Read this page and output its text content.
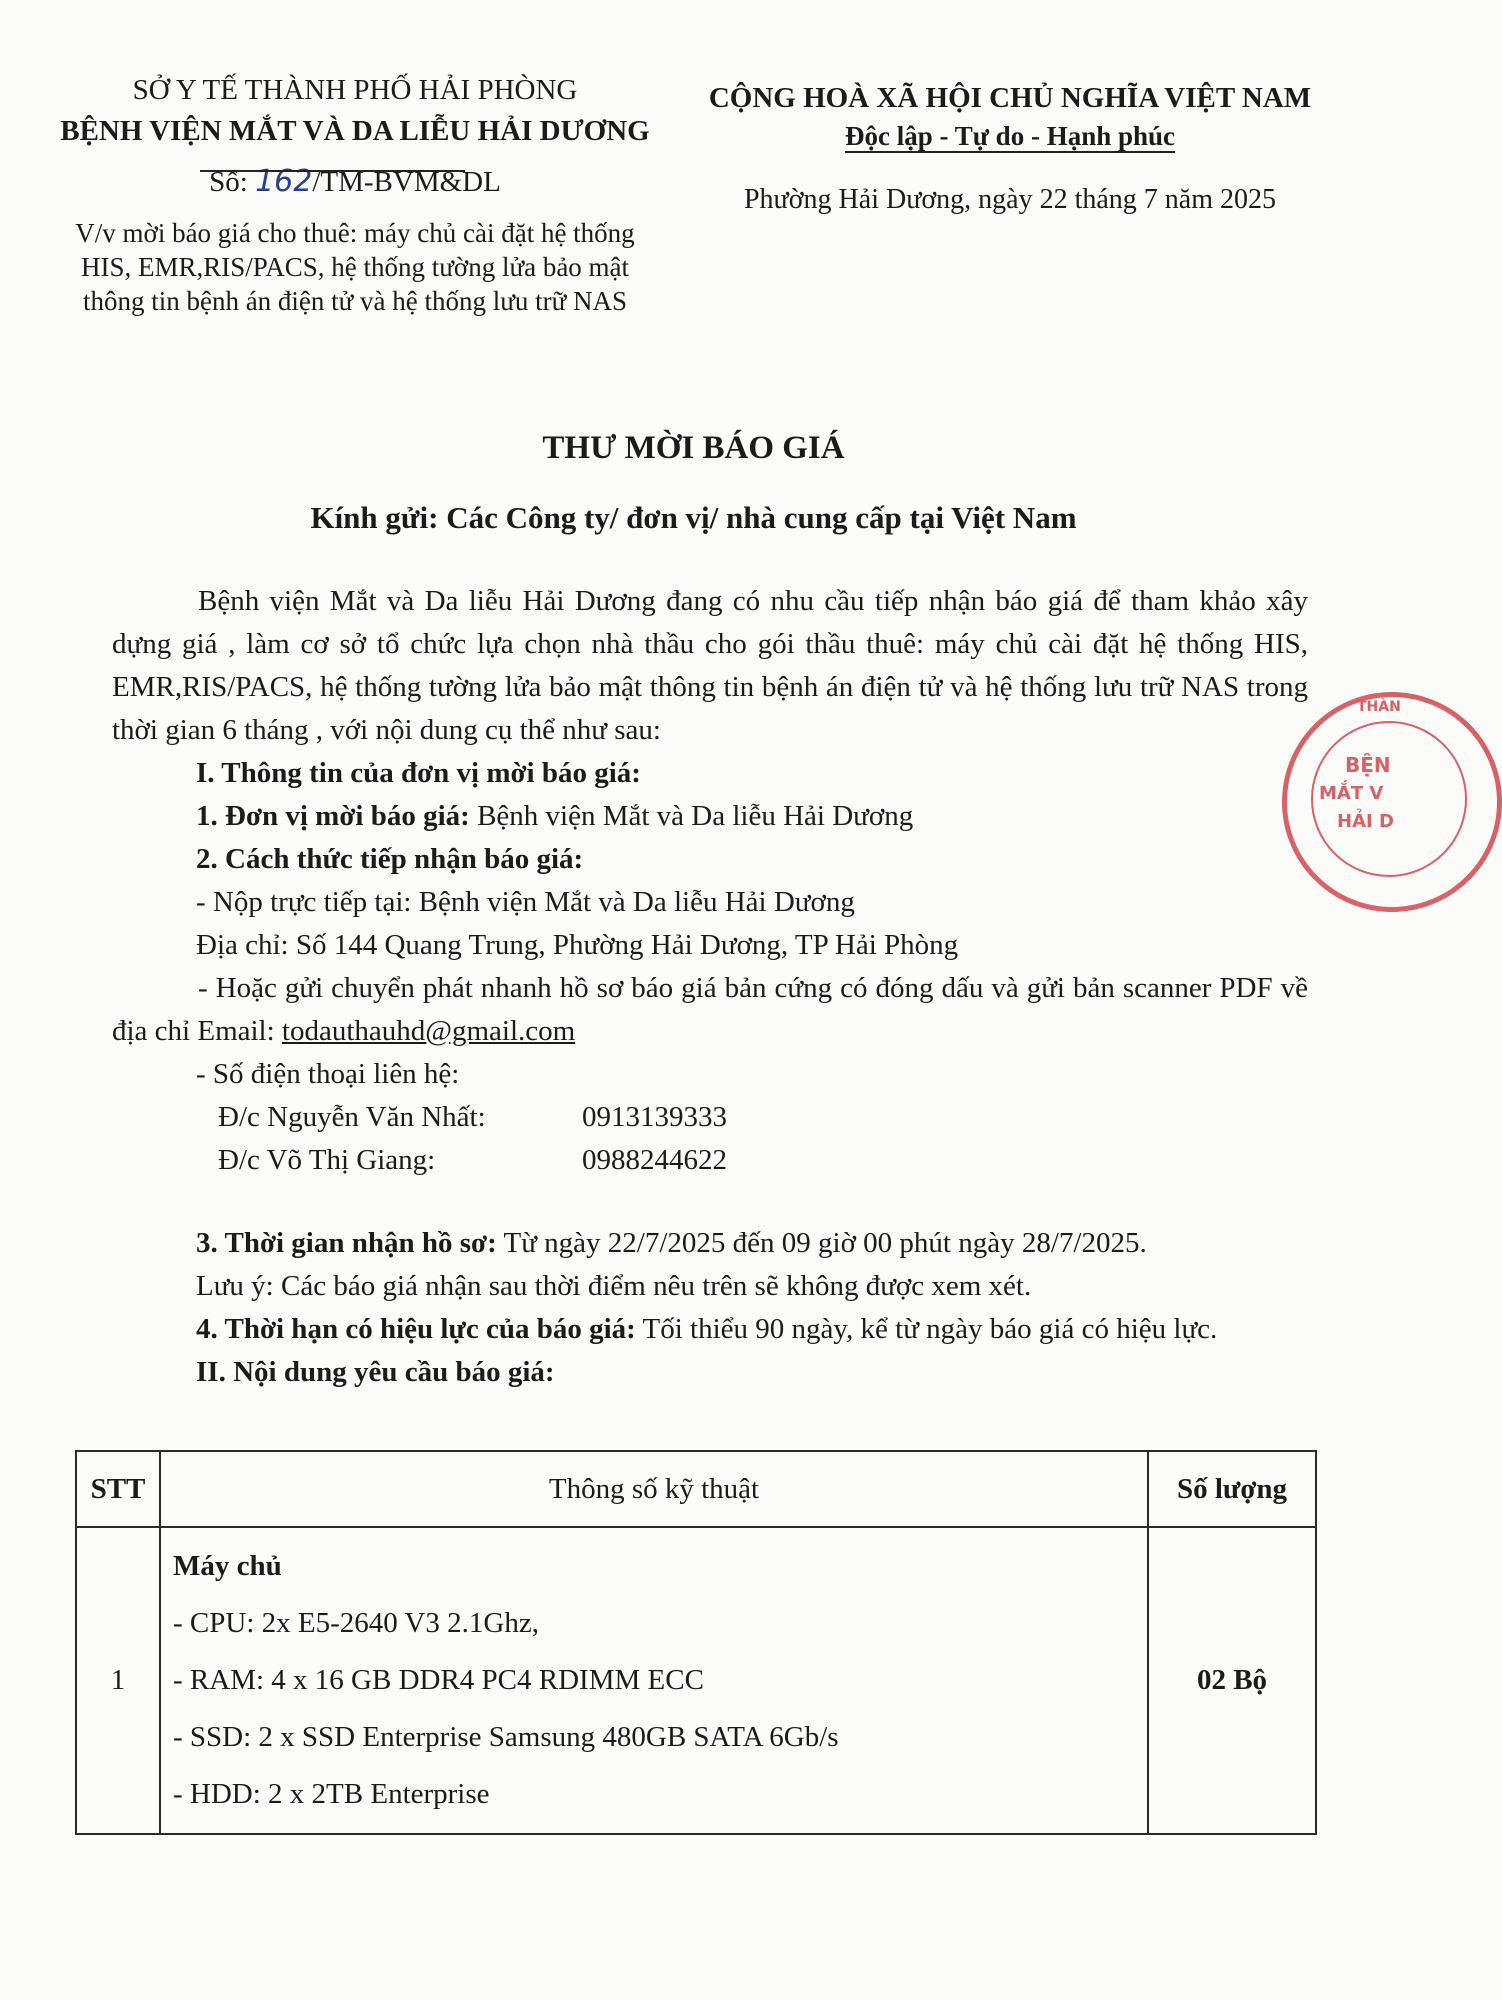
SỞ Y TẾ THÀNH PHỐ HẢI PHÒNG
BỆNH VIỆN MẮT VÀ DA LIỄU HẢI DƯƠNG
Số: 162/TM-BVM&DL
V/v mời báo giá cho thuê: máy chủ cài đặt hệ thống HIS, EMR,RIS/PACS, hệ thống tường lửa bảo mật thông tin bệnh án điện tử và hệ thống lưu trữ NAS
CỘNG HOÀ XÃ HỘI CHỦ NGHĨA VIỆT NAM
Độc lập - Tự do - Hạnh phúc
Phường Hải Dương, ngày 22 tháng 7 năm 2025
THƯ MỜI BÁO GIÁ
Kính gửi: Các Công ty/ đơn vị/ nhà cung cấp tại Việt Nam

Bệnh viện Mắt và Da liễu Hải Dương đang có nhu cầu tiếp nhận báo giá để tham khảo xây dựng giá , làm cơ sở tổ chức lựa chọn nhà thầu cho gói thầu thuê: máy chủ cài đặt hệ thống HIS, EMR,RIS/PACS, hệ thống tường lửa bảo mật thông tin bệnh án điện tử và hệ thống lưu trữ NAS trong thời gian 6 tháng , với nội dung cụ thể như sau:

I. Thông tin của đơn vị mời báo giá:

1. Đơn vị mời báo giá: Bệnh viện Mắt và Da liễu Hải Dương

2. Cách thức tiếp nhận báo giá:

- Nộp trực tiếp tại: Bệnh viện Mắt và Da liễu Hải Dương

Địa chỉ: Số 144 Quang Trung, Phường Hải Dương, TP Hải Phòng

- Hoặc gửi chuyển phát nhanh hồ sơ báo giá bản cứng có đóng dấu và gửi bản scanner PDF về địa chỉ Email: todauthauhd@gmail.com

- Số điện thoại liên hệ:

Đ/c Nguyễn Văn Nhất:	0913139333
Đ/c Võ Thị Giang:	0988244622

3. Thời gian nhận hồ sơ: Từ ngày 22/7/2025 đến 09 giờ 00 phút ngày 28/7/2025.

Lưu ý: Các báo giá nhận sau thời điểm nêu trên sẽ không được xem xét.

4. Thời hạn có hiệu lực của báo giá: Tối thiểu 90 ngày, kể từ ngày báo giá có hiệu lực.

II. Nội dung yêu cầu báo giá:

STT	Thông số kỹ thuật	Số lượng
1	Máy chủ
- CPU: 2x E5-2640 V3 2.1Ghz,
- RAM: 4 x 16 GB DDR4 PC4 RDIMM ECC
- SSD: 2 x SSD Enterprise Samsung 480GB SATA 6Gb/s
- HDD: 2 x 2TB Enterprise	02 Bộ
THÀN
BỆN
MẮT V
HẢI D
